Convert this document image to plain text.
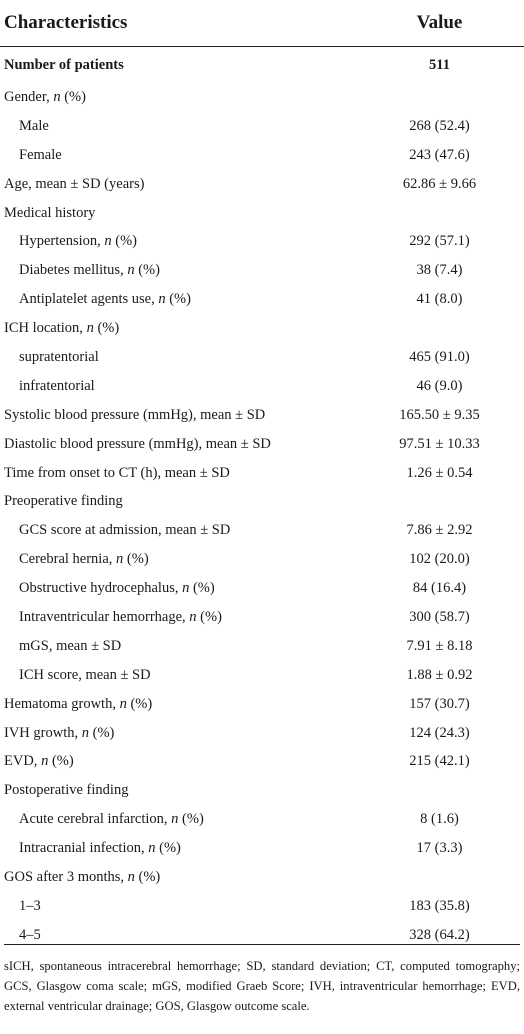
Characteristics	Value
Number of patients	511
Gender, n (%)	
Male	268 (52.4)
Female	243 (47.6)
Age, mean ± SD (years)	62.86 ± 9.66
Medical history	
Hypertension, n (%)	292 (57.1)
Diabetes mellitus, n (%)	38 (7.4)
Antiplatelet agents use, n (%)	41 (8.0)
ICH location, n (%)	
supratentorial	465 (91.0)
infratentorial	46 (9.0)
Systolic blood pressure (mmHg), mean ± SD	165.50 ± 9.35
Diastolic blood pressure (mmHg), mean ± SD	97.51 ± 10.33
Time from onset to CT (h), mean ± SD	1.26 ± 0.54
Preoperative finding	
GCS score at admission, mean ± SD	7.86 ± 2.92
Cerebral hernia, n (%)	102 (20.0)
Obstructive hydrocephalus, n (%)	84 (16.4)
Intraventricular hemorrhage, n (%)	300 (58.7)
mGS, mean ± SD	7.91 ± 8.18
ICH score, mean ± SD	1.88 ± 0.92
Hematoma growth, n (%)	157 (30.7)
IVH growth, n (%)	124 (24.3)
EVD, n (%)	215 (42.1)
Postoperative finding	
Acute cerebral infarction, n (%)	8 (1.6)
Intracranial infection, n (%)	17 (3.3)
GOS after 3 months, n (%)	
1–3	183 (35.8)
4–5	328 (64.2)
sICH, spontaneous intracerebral hemorrhage; SD, standard deviation; CT, computed tomography; GCS, Glasgow coma scale; mGS, modified Graeb Score; IVH, intraventricular hemorrhage; EVD, external ventricular drainage; GOS, Glasgow outcome scale.
